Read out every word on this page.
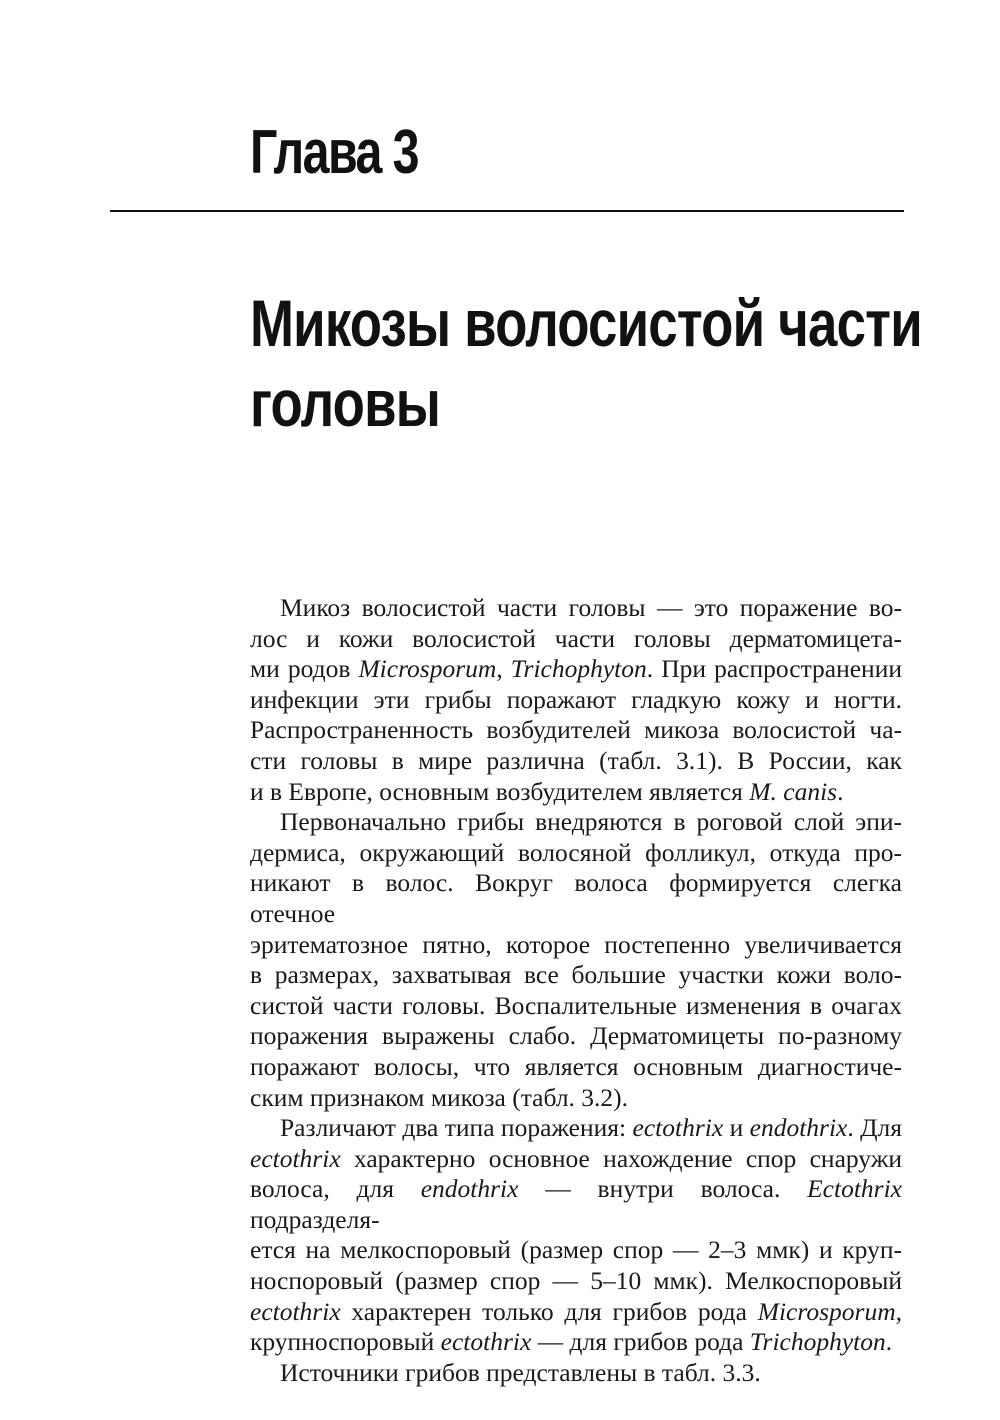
Глава 3
Микозы волосистой части
головы
Микоз волосистой части головы — это поражение во-
лос и кожи волосистой части головы дерматомицета-
ми родов Microsporum, Trichophyton. При распространении
инфекции эти грибы поражают гладкую кожу и ногти.
Распространенность возбудителей микоза волосистой ча-
сти головы в мире различна (табл. 3.1). В России, как
и в Европе, основным возбудителем является M. canis.
Первоначально грибы внедряются в роговой слой эпи-
дермиса, окружающий волосяной фолликул, откуда про-
никают в волос. Вокруг волоса формируется слегка отечное
эритематозное пятно, которое постепенно увеличивается
в размерах, захватывая все большие участки кожи воло-
систой части головы. Воспалительные изменения в очагах
поражения выражены слабо. Дерматомицеты по-разному
поражают волосы, что является основным диагностиче-
ским признаком микоза (табл. 3.2).
Различают два типа поражения: ectothrix и endothrix. Для
ectothrix характерно основное нахождение спор снаружи
волоса, для endothrix — внутри волоса. Ectothrix подразделя-
ется на мелкоспоровый (размер спор — 2–3 ммк) и круп-
носпоровый (размер спор — 5–10 ммк). Мелкоспоровый
ectothrix характерен только для грибов рода Microsporum,
крупноспоровый ectothrix — для грибов рода Trichophyton.
Источники грибов представлены в табл. 3.3.
